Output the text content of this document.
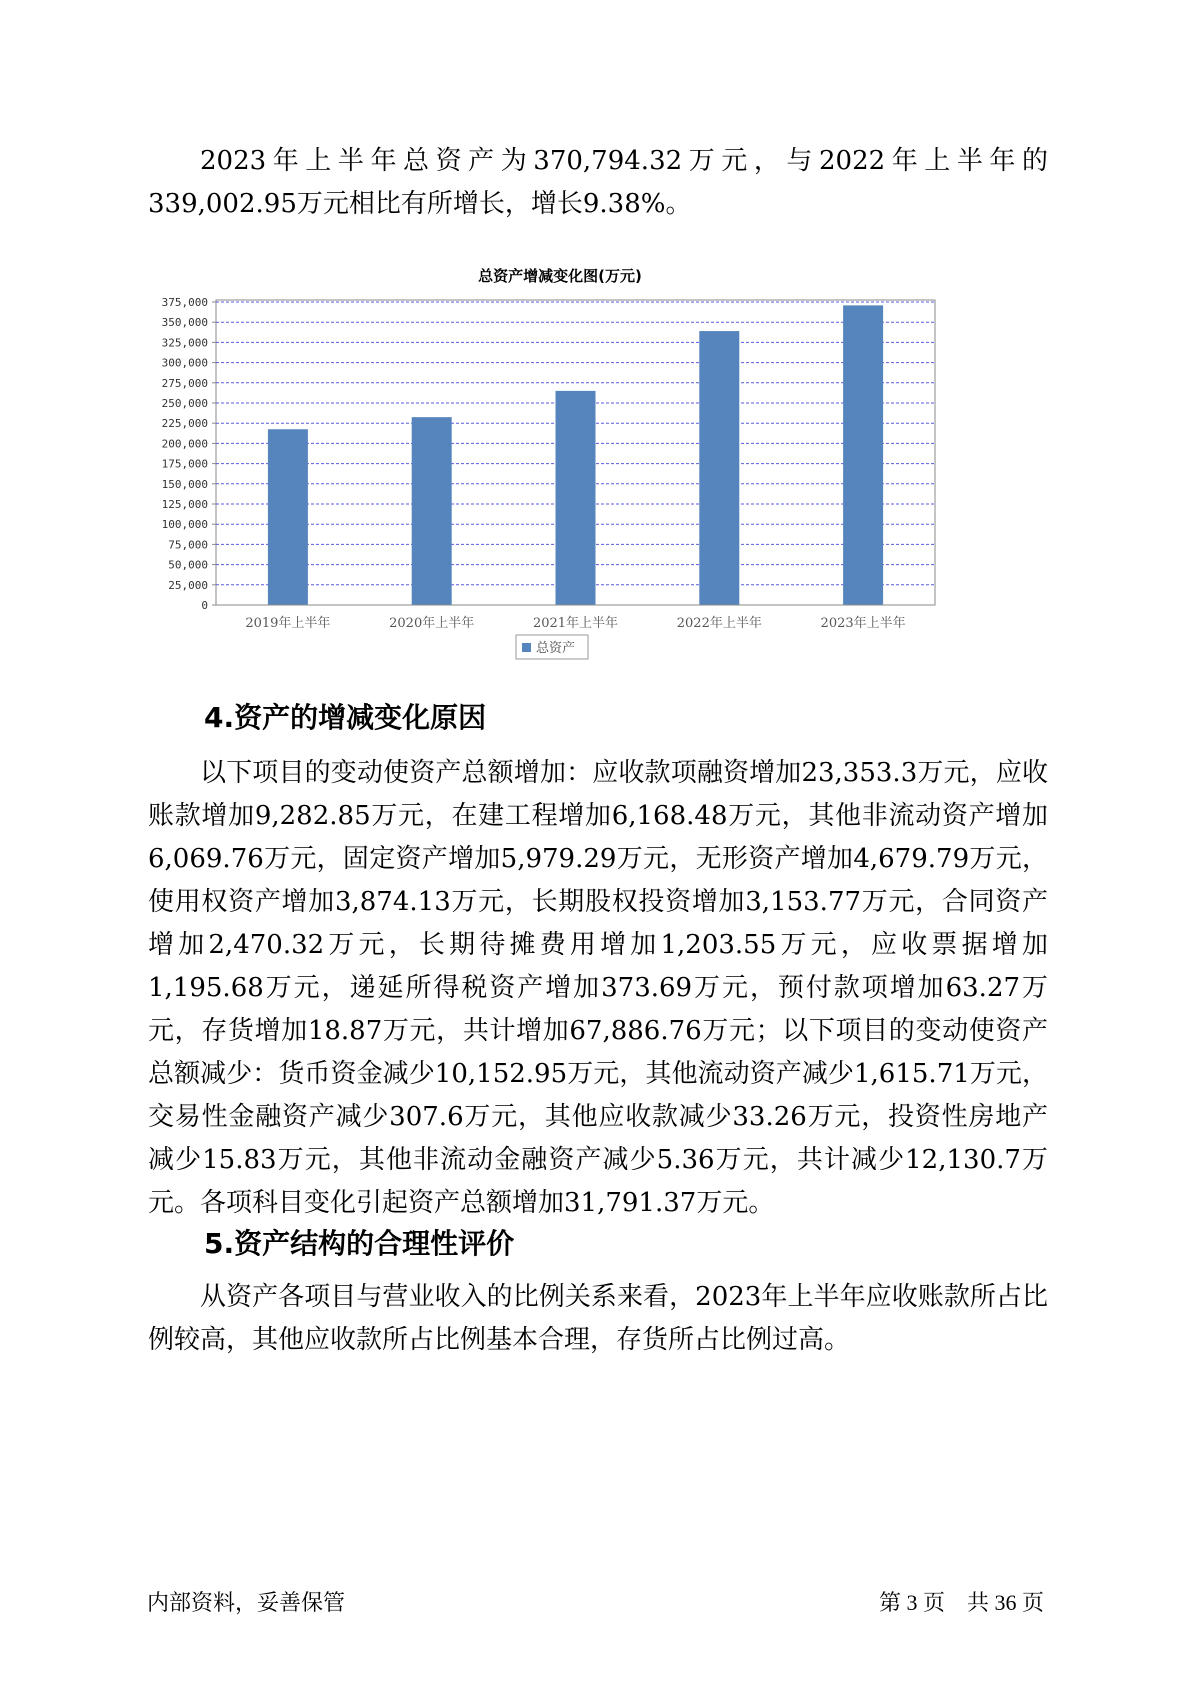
2023年上半年总资产为370,794.32万元，与2022年上半年的339,002.95万元相比有所增长，增长9.38%。

总资产增减变化图(万元)
0
25,000
50,000
75,000
100,000
125,000
150,000
175,000
200,000
225,000
250,000
275,000
300,000
325,000
350,000
375,000
2019年上半年	2020年上半年	2021年上半年	2022年上半年	2023年上半年
总资产
4.资产的增减变化原因

以下项目的变动使资产总额增加：应收款项融资增加23,353.3万元，应收账款增加9,282.85万元，在建工程增加6,168.48万元，其他非流动资产增加6,069.76万元，固定资产增加5,979.29万元，无形资产增加4,679.79万元，使用权资产增加3,874.13万元，长期股权投资增加3,153.77万元，合同资产增加2,470.32万元，长期待摊费用增加1,203.55万元，应收票据增加1,195.68万元，递延所得税资产增加373.69万元，预付款项增加63.27万元，存货增加18.87万元，共计增加67,886.76万元；以下项目的变动使资产总额减少：货币资金减少10,152.95万元，其他流动资产减少1,615.71万元，交易性金融资产减少307.6万元，其他应收款减少33.26万元，投资性房地产减少15.83万元，其他非流动金融资产减少5.36万元，共计减少12,130.7万元。各项科目变化引起资产总额增加31,791.37万元。

5.资产结构的合理性评价

从资产各项目与营业收入的比例关系来看，2023年上半年应收账款所占比例较高，其他应收款所占比例基本合理，存货所占比例过高。

内部资料，妥善保管	第 3 页　共 36 页
